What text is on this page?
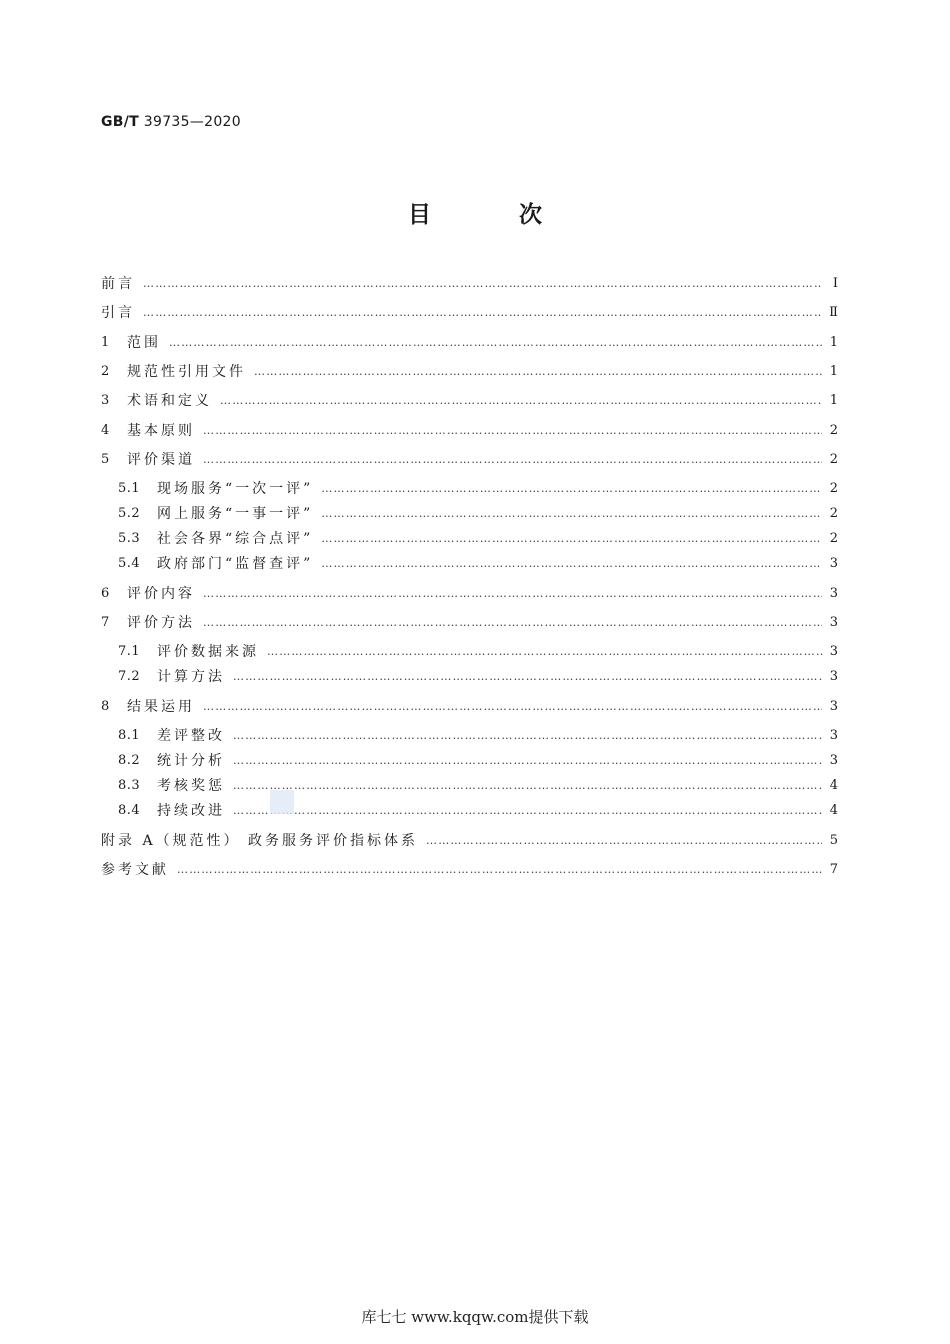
GB/T 39735—2020
目 次
前言 ……………………………………………………………………………………………………………………………………………………………………………………………………………………………………………………………	Ⅰ
引言 ……………………………………………………………………………………………………………………………………………………………………………………………………………………………………………………………	Ⅱ
1	范围 ……………………………………………………………………………………………………………………………………………………………………………………………………………………………………………………………	1
2	规范性引用文件 ……………………………………………………………………………………………………………………………………………………………………………………………………………………………………………………………	1
3	术语和定义 ……………………………………………………………………………………………………………………………………………………………………………………………………………………………………………………………	1
4	基本原则 ……………………………………………………………………………………………………………………………………………………………………………………………………………………………………………………………	2
5	评价渠道 ……………………………………………………………………………………………………………………………………………………………………………………………………………………………………………………………	2
5.1	现场服务“一次一评” ……………………………………………………………………………………………………………………………………………………………………………………………………………………………………………………………	2
5.2	网上服务“一事一评” ……………………………………………………………………………………………………………………………………………………………………………………………………………………………………………………………	2
5.3	社会各界“综合点评” ……………………………………………………………………………………………………………………………………………………………………………………………………………………………………………………………	2
5.4	政府部门“监督查评” ……………………………………………………………………………………………………………………………………………………………………………………………………………………………………………………………	3
6	评价内容 ……………………………………………………………………………………………………………………………………………………………………………………………………………………………………………………………	3
7	评价方法 ……………………………………………………………………………………………………………………………………………………………………………………………………………………………………………………………	3
7.1	评价数据来源 ……………………………………………………………………………………………………………………………………………………………………………………………………………………………………………………………	3
7.2	计算方法 ……………………………………………………………………………………………………………………………………………………………………………………………………………………………………………………………	3
8	结果运用 ……………………………………………………………………………………………………………………………………………………………………………………………………………………………………………………………	3
8.1	差评整改 ……………………………………………………………………………………………………………………………………………………………………………………………………………………………………………………………	3
8.2	统计分析 ……………………………………………………………………………………………………………………………………………………………………………………………………………………………………………………………	3
8.3	考核奖惩 ……………………………………………………………………………………………………………………………………………………………………………………………………………………………………………………………	4
8.4	持续改进 ……………………………………………………………………………………………………………………………………………………………………………………………………………………………………………………………	4
附录 A（规范性） 政务服务评价指标体系 ……………………………………………………………………………………………………………………………………………………………………………………………………………………………………………………………	5
参考文献 ……………………………………………………………………………………………………………………………………………………………………………………………………………………………………………………………	7
库七七 www.kqqw.com提供下载
